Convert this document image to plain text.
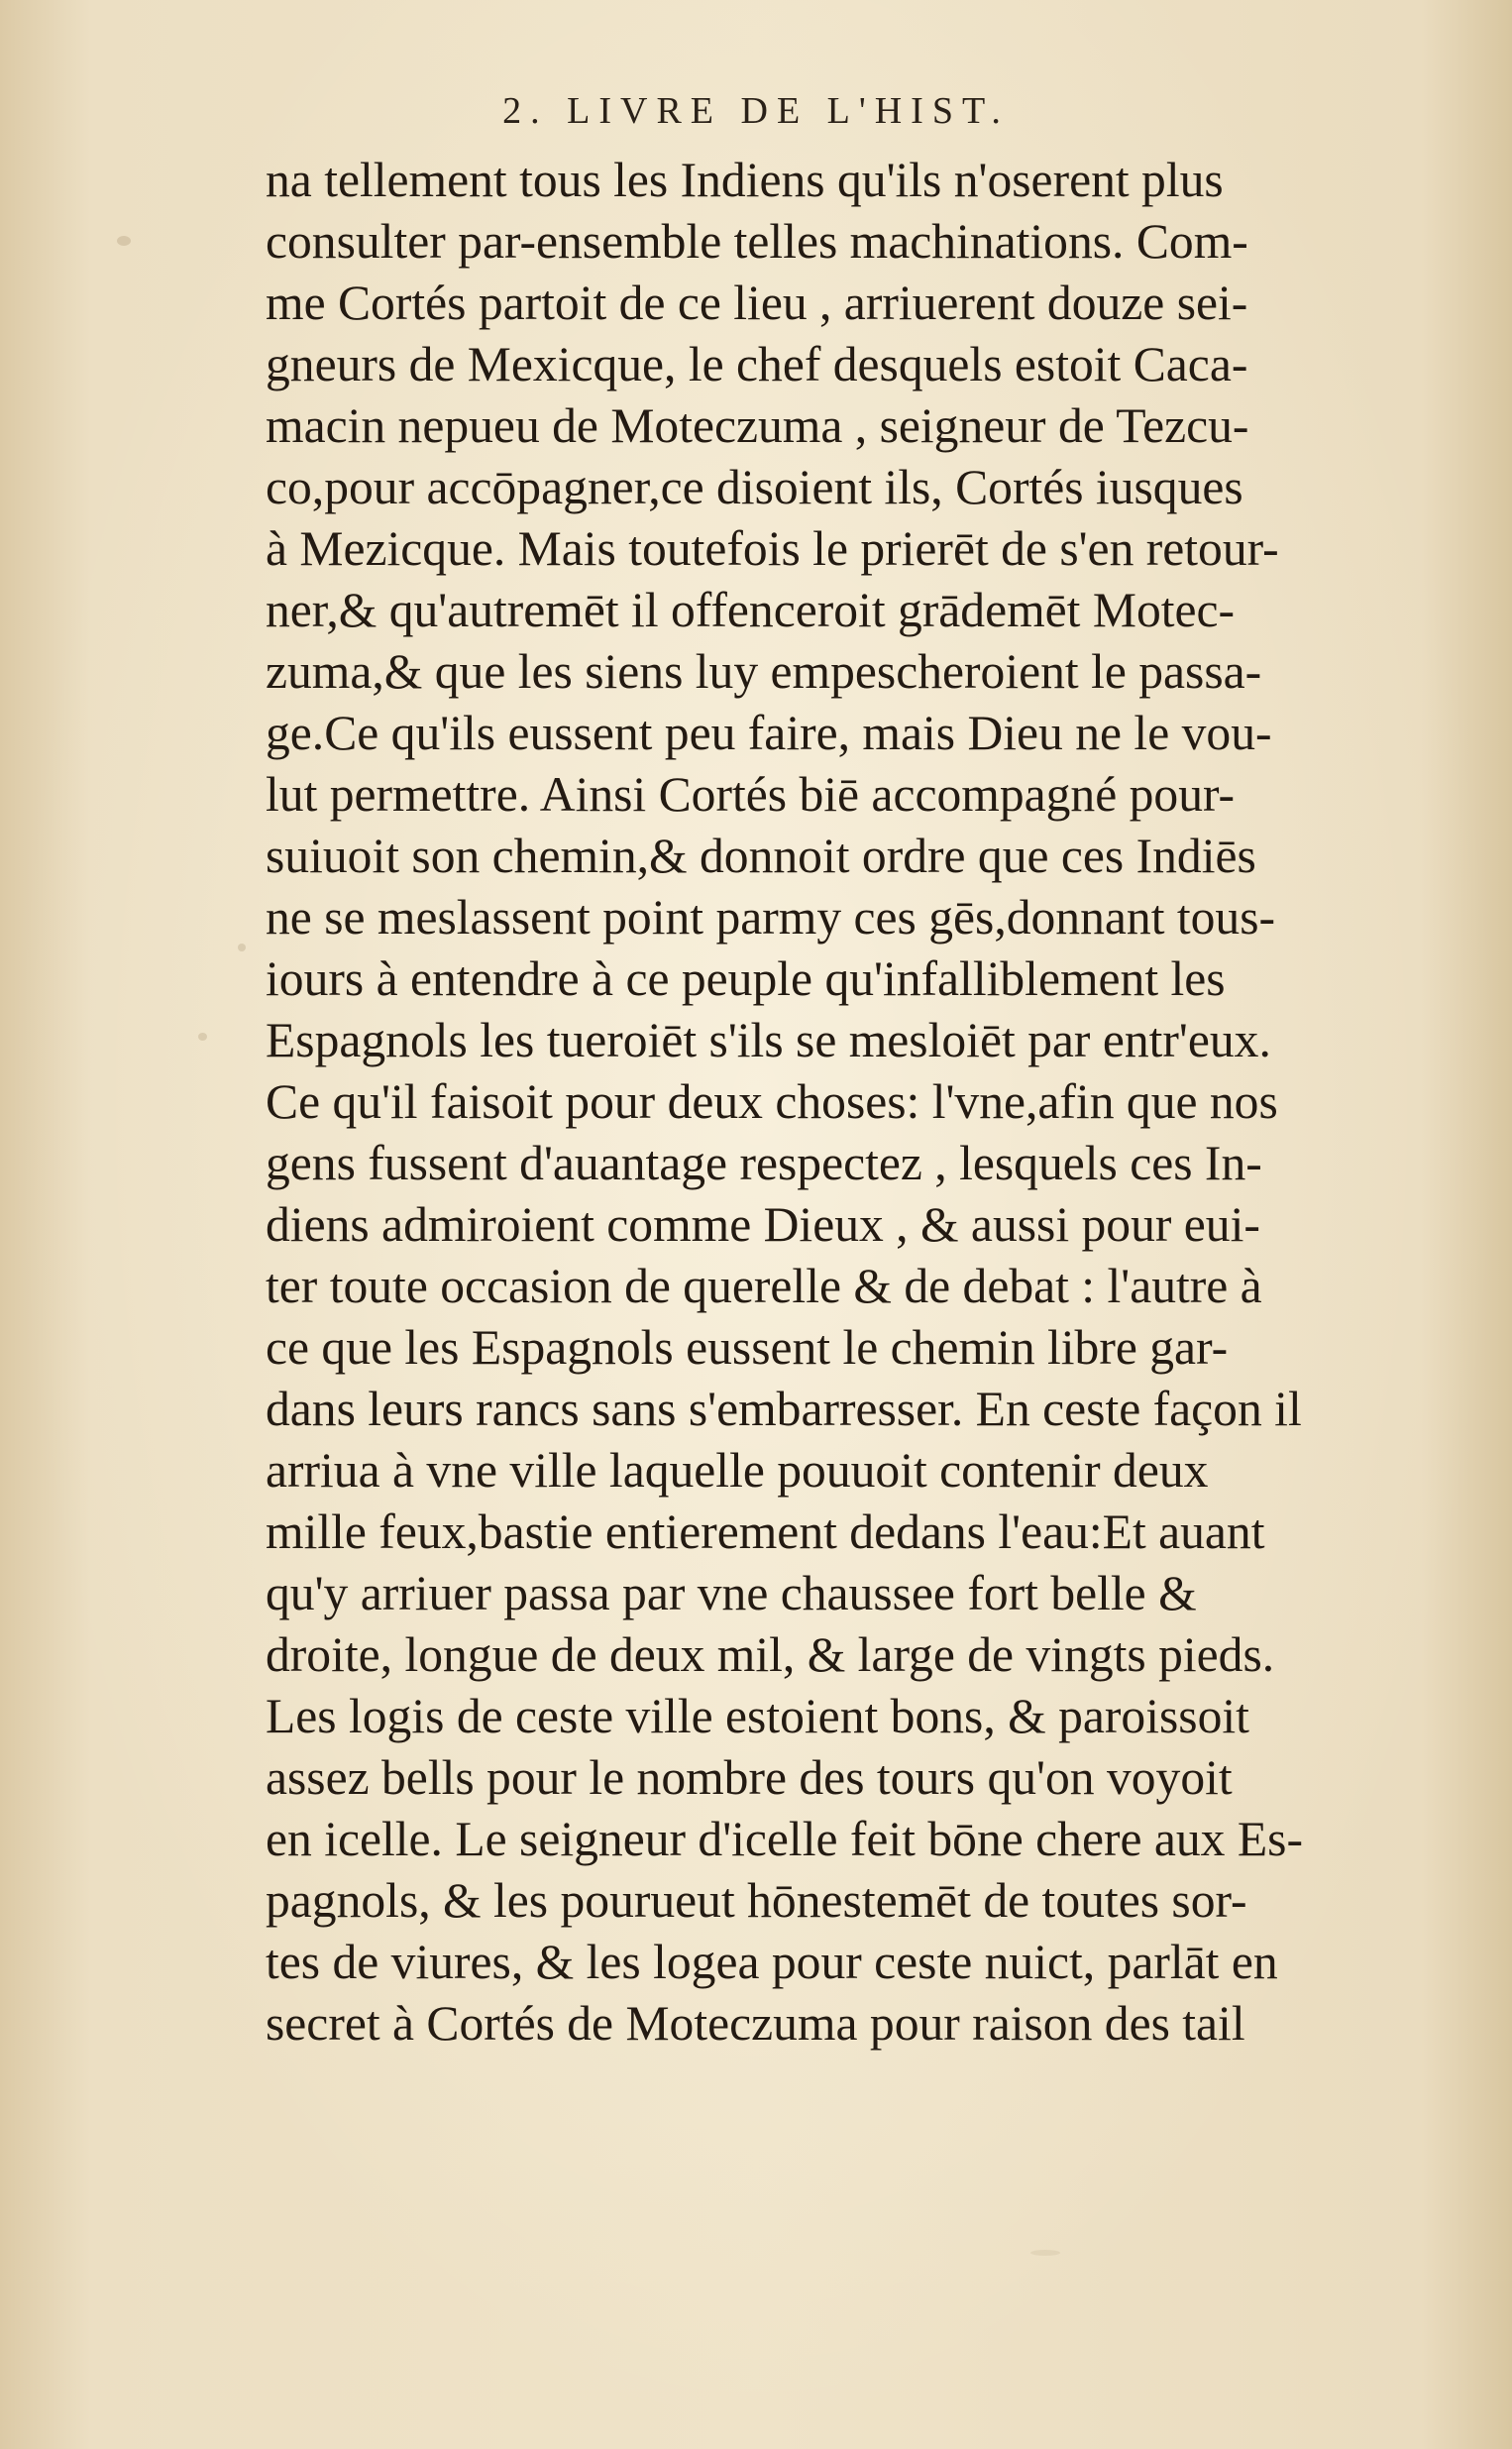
2. LIVRE DE L'HIST.
na tellement tous les Indiens qu'ils n'oserent plus
consulter par-ensemble telles machinations. Com-
me Cortés partoit de ce lieu , arriuerent douze sei-
gneurs de Mexicque, le chef desquels estoit Caca-
macin nepueu de Moteczuma , seigneur de Tezcu-
co,pour accōpagner,ce disoient ils, Cortés iusques
à Mezicque. Mais toutefois le prierēt de s'en retour-
ner,& qu'autremēt il offenceroit grādemēt Motec-
zuma,& que les siens luy empescheroient le passa-
ge.Ce qu'ils eussent peu faire, mais Dieu ne le vou-
lut permettre. Ainsi Cortés biē accompagné pour-
suiuoit son chemin,& donnoit ordre que ces Indiēs
ne se meslassent point parmy ces gēs,donnant tous-
iours à entendre à ce peuple qu'infalliblement les
Espagnols les tueroiēt s'ils se mesloiēt par entr'eux.
Ce qu'il faisoit pour deux choses: l'vne,afin que nos
gens fussent d'auantage respectez , lesquels ces In-
diens admiroient comme Dieux , & aussi pour eui-
ter toute occasion de querelle & de debat : l'autre à
ce que les Espagnols eussent le chemin libre gar-
dans leurs rancs sans s'embarresser. En ceste façon il
arriua à vne ville laquelle pouuoit contenir deux
mille feux,bastie entierement dedans l'eau:Et auant
qu'y arriuer passa par vne chaussee fort belle &
droite, longue de deux mil, & large de vingts pieds.
Les logis de ceste ville estoient bons, & paroissoit
assez bells pour le nombre des tours qu'on voyoit
en icelle. Le seigneur d'icelle feit bōne chere aux Es-
pagnols, & les pourueut hōnestemēt de toutes sor-
tes de viures, & les logea pour ceste nuict, parlāt en
secret à Cortés de Moteczuma pour raison des tail
